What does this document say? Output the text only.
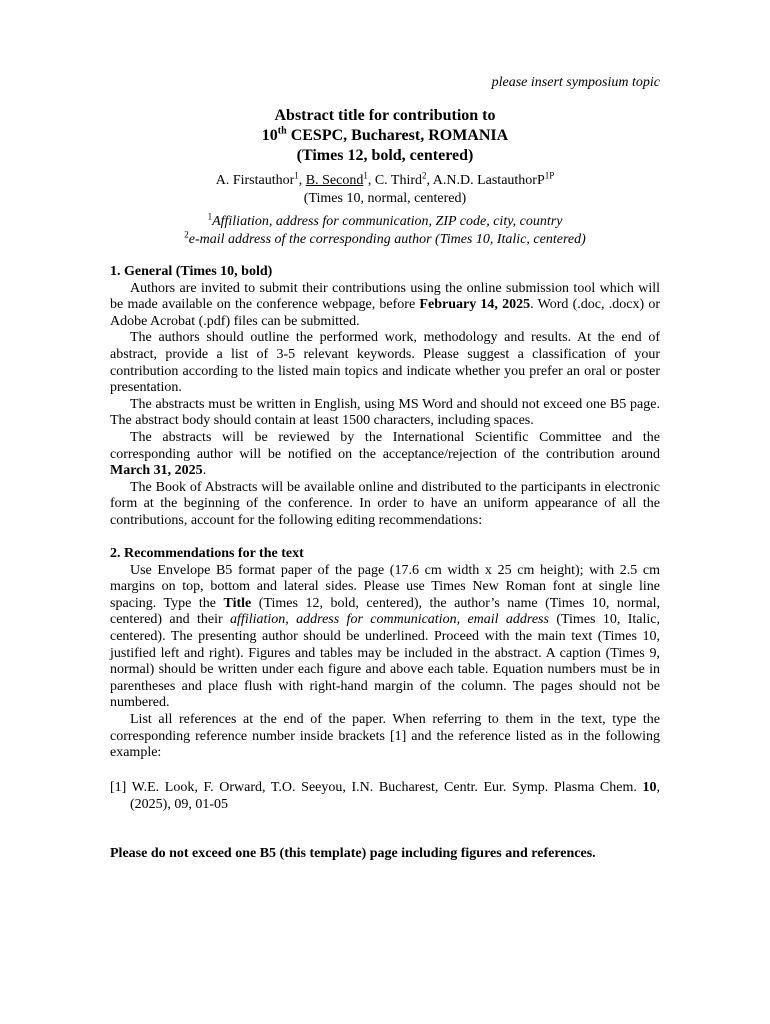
please insert symposium topic
Abstract title for contribution to
10th CESPC, Bucharest, ROMANIA
(Times 12, bold, centered)
A. Firstauthor$^1$, B. Second$^1$, C. Third$^2$, A.N.D. LastauthorP$^{1P}$
(Times 10, normal, centered)
$^1$Affiliation, address for communication, ZIP code, city, country
$^2$e-mail address of the corresponding author (Times 10, Italic, centered)
1. General (Times 10, bold)

Authors are invited to submit their contributions using the online submission tool which will be made available on the conference webpage, before February 14, 2025. Word (.doc, .docx) or Adobe Acrobat (.pdf) files can be submitted.

The authors should outline the performed work, methodology and results. At the end of abstract, provide a list of 3-5 relevant keywords. Please suggest a classification of your contribution according to the listed main topics and indicate whether you prefer an oral or poster presentation.

The abstracts must be written in English, using MS Word and should not exceed one B5 page. The abstract body should contain at least 1500 characters, including spaces.

The abstracts will be reviewed by the International Scientific Committee and the corresponding author will be notified on the acceptance/rejection of the contribution around March 31, 2025.

The Book of Abstracts will be available online and distributed to the participants in electronic form at the beginning of the conference. In order to have an uniform appearance of all the contributions, account for the following editing recommendations:

2. Recommendations for the text

Use Envelope B5 format paper of the page (17.6 cm width x 25 cm height); with 2.5 cm margins on top, bottom and lateral sides. Please use Times New Roman font at single line spacing. Type the Title (Times 12, bold, centered), the author’s name (Times 10, normal, centered) and their affiliation, address for communication, email address (Times 10, Italic, centered). The presenting author should be underlined. Proceed with the main text (Times 10, justified left and right). Figures and tables may be included in the abstract. A caption (Times 9, normal) should be written under each figure and above each table. Equation numbers must be in parentheses and place flush with right-hand margin of the column. The pages should not be numbered.

List all references at the end of the paper. When referring to them in the text, type the corresponding reference number inside brackets [1] and the reference listed as in the following example:

[1] W.E. Look, F. Orward, T.O. Seeyou, I.N. Bucharest, Centr. Eur. Symp. Plasma Chem. 10, (2025), 09, 01-05
Please do not exceed one B5 (this template) page including figures and references.
